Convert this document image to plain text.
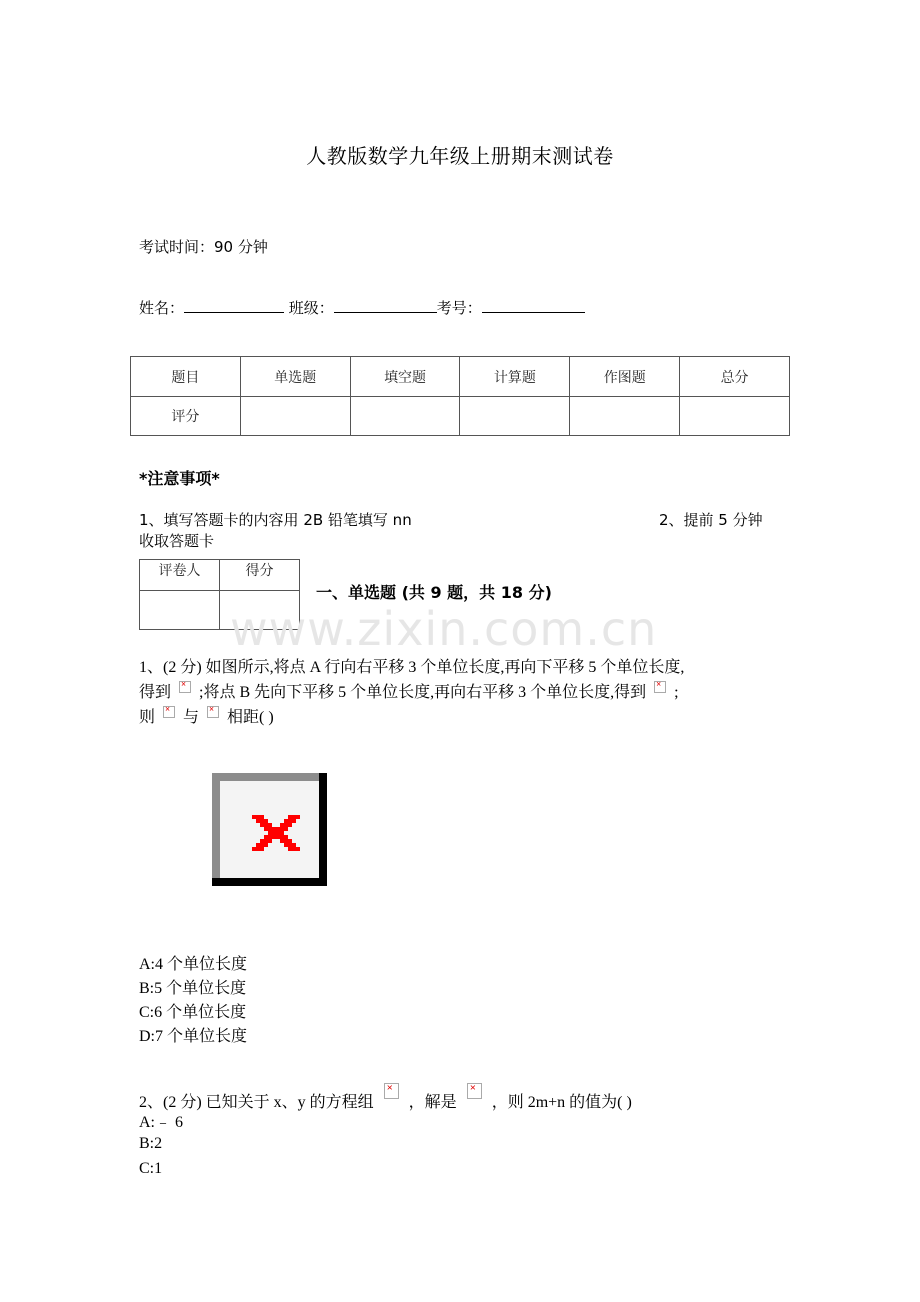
人教版数学九年级上册期末测试卷
考试时间：90 分钟
姓名：	班级：	考号：
题目	单选题	填空题	计算题	作图题	总分
评分					
*注意事项*
1、填写答题卡的内容用 2B 铅笔填写 nn	2、提前 5 分钟
收取答题卡
评卷人	得分

www.zixin.com.cn
一、单选题 (共 9 题，共 18 分)
1、(2 分) 如图所示,将点 A 行向右平移 3 个单位长度,再向下平移 5 个单位长度,
得到 × ;将点 B 先向下平移 5 个单位长度,再向右平移 3 个单位长度,得到 × ;
则 × 与 × 相距( )
A:4 个单位长度
B:5 个单位长度
C:6 个单位长度
D:7 个单位长度
2、(2 分) 已知关于 x、y 的方程组× ，解是× ，则 2m+n 的值为( )
A:﹣ 6
B:2
C:1
